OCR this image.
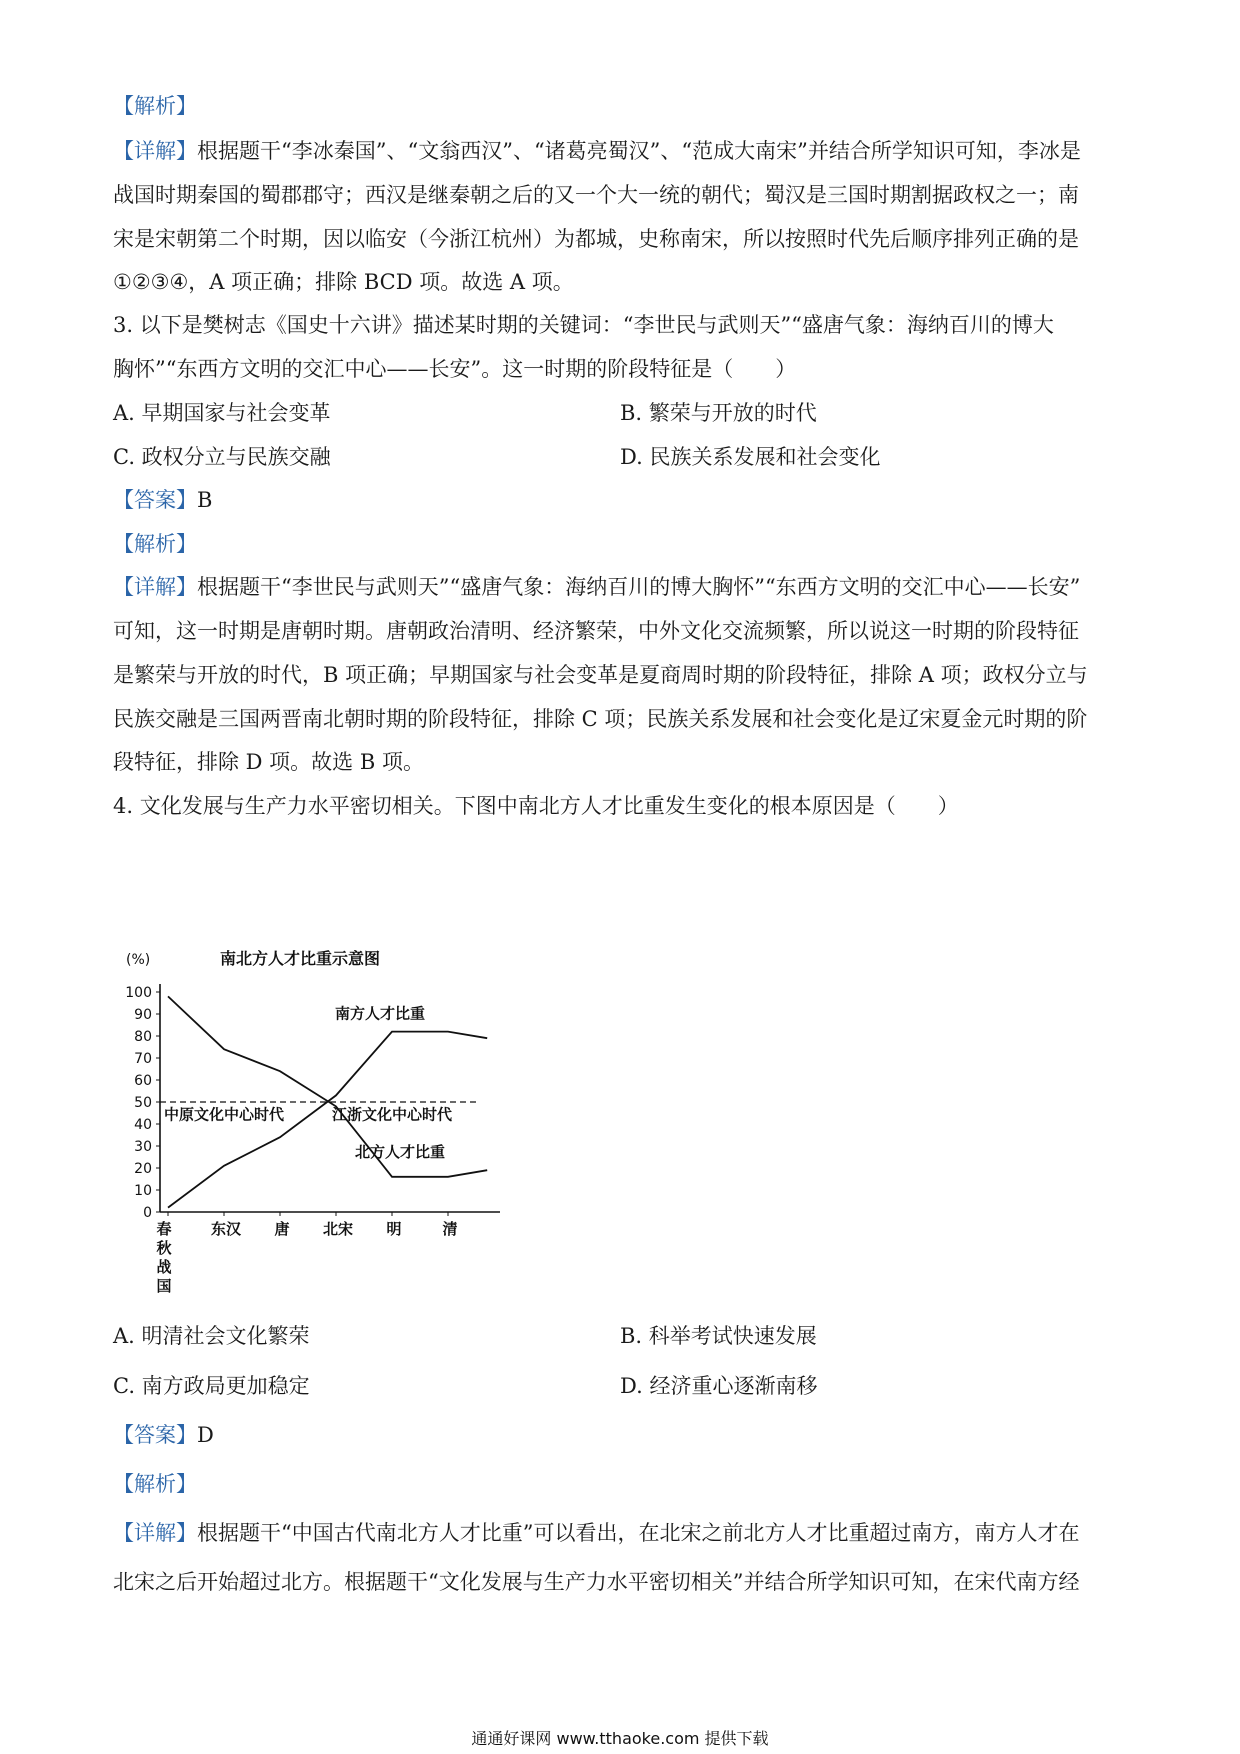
【解析】
【详解】根据题干“李冰秦国”、“文翁西汉”、“诸葛亮蜀汉”、“范成大南宋”并结合所学知识可知，李冰是
战国时期秦国的蜀郡郡守；西汉是继秦朝之后的又一个大一统的朝代；蜀汉是三国时期割据政权之一；南
宋是宋朝第二个时期，因以临安（今浙江杭州）为都城，史称南宋，所以按照时代先后顺序排列正确的是
①②③④，A 项正确；排除 BCD 项。故选 A 项。
3. 以下是樊树志《国史十六讲》描述某时期的关键词：“李世民与武则天”“盛唐气象：海纳百川的博大
胸怀”“东西方文明的交汇中心——长安”。这一时期的阶段特征是（　　）
A. 早期国家与社会变革	B. 繁荣与开放的时代
C. 政权分立与民族交融	D. 民族关系发展和社会变化
【答案】B
【解析】
【详解】根据题干“李世民与武则天”“盛唐气象：海纳百川的博大胸怀”“东西方文明的交汇中心——长安”
可知，这一时期是唐朝时期。唐朝政治清明、经济繁荣，中外文化交流频繁，所以说这一时期的阶段特征
是繁荣与开放的时代，B 项正确；早期国家与社会变革是夏商周时期的阶段特征，排除 A 项；政权分立与
民族交融是三国两晋南北朝时期的阶段特征，排除 C 项；民族关系发展和社会变化是辽宋夏金元时期的阶
段特征，排除 D 项。故选 B 项。
4. 文化发展与生产力水平密切相关。下图中南北方人才比重发生变化的根本原因是（　　）
南北方人才比重示意图
(%)
0
10
20
30
40
50
60
70
80
90
100
春
秋
战
国
东汉 唐 北宋 明	清
南方人才比重
北方人才比重
中原文化中心时代	江浙文化中心时代
A. 明清社会文化繁荣	B. 科举考试快速发展
C. 南方政局更加稳定	D. 经济重心逐渐南移
【答案】D
【解析】
【详解】根据题干“中国古代南北方人才比重”可以看出，在北宋之前北方人才比重超过南方，南方人才在
北宋之后开始超过北方。根据题干“文化发展与生产力水平密切相关”并结合所学知识可知，在宋代南方经
通通好课网 www.tthaoke.com 提供下载
